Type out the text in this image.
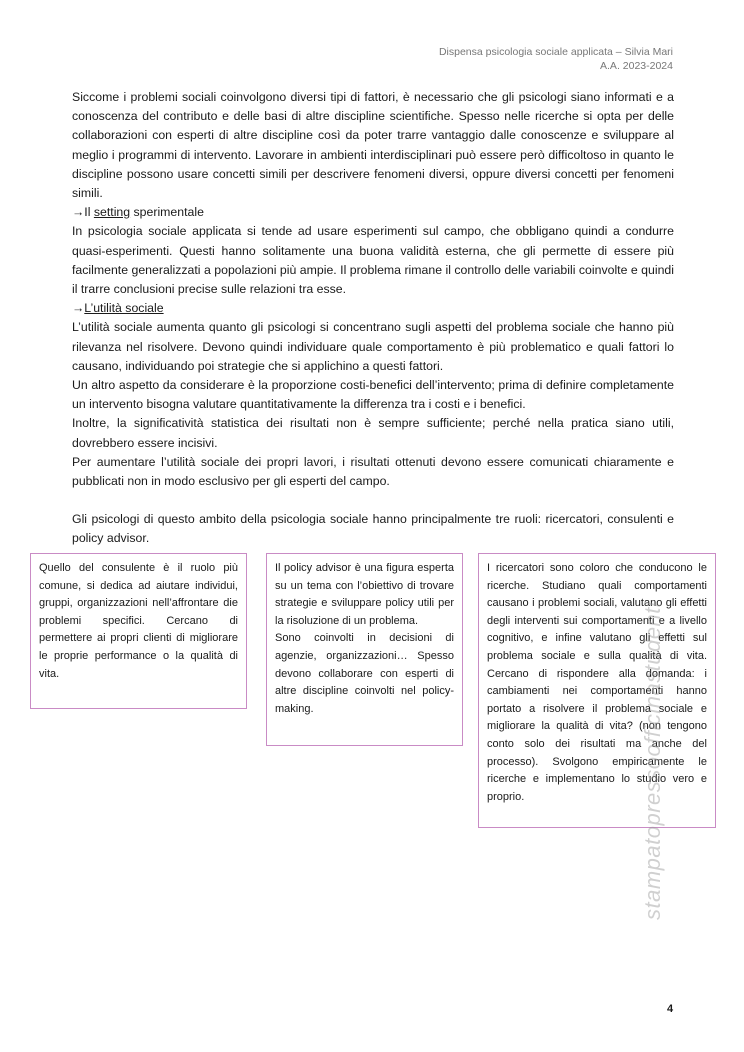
Dispensa psicologia sociale applicata – Silvia Mari
A.A. 2023-2024

Siccome i problemi sociali coinvolgono diversi tipi di fattori, è necessario che gli psicologi siano informati e a conoscenza del contributo e delle basi di altre discipline scientifiche. Spesso nelle ricerche si opta per delle collaborazioni con esperti di altre discipline così da poter trarre vantaggio dalle conoscenze e sviluppare al meglio i programmi di intervento. Lavorare in ambienti interdisciplinari può essere però difficoltoso in quanto le discipline possono usare concetti simili per descrivere fenomeni diversi, oppure diversi concetti per fenomeni simili.

→Il setting sperimentale

In psicologia sociale applicata si tende ad usare esperimenti sul campo, che obbligano quindi a condurre quasi-esperimenti. Questi hanno solitamente una buona validità esterna, che gli permette di essere più facilmente generalizzati a popolazioni più ampie. Il problema rimane il controllo delle variabili coinvolte e quindi il trarre conclusioni precise sulle relazioni tra esse.

→L’utilità sociale

L’utilità sociale aumenta quanto gli psicologi si concentrano sugli aspetti del problema sociale che hanno più rilevanza nel risolvere. Devono quindi individuare quale comportamento è più problematico e quali fattori lo causano, individuando poi strategie che si applichino a questi fattori.

Un altro aspetto da considerare è la proporzione costi-benefici dell’intervento; prima di definire completamente un intervento bisogna valutare quantitativamente la differenza tra i costi e i benefici.

Inoltre, la significatività statistica dei risultati non è sempre sufficiente; perché nella pratica siano utili, dovrebbero essere incisivi.

Per aumentare l’utilità sociale dei propri lavori, i risultati ottenuti devono essere comunicati chiaramente e pubblicati non in modo esclusivo per gli esperti del campo.

Gli psicologi di questo ambito della psicologia sociale hanno principalmente tre ruoli: ricercatori, consulenti e policy advisor.

Quello del consulente è il ruolo più comune, si dedica ad aiutare individui, gruppi, organizzazioni nell’affrontare die problemi specifici. Cercano di permettere ai propri clienti di migliorare le proprie performance o la qualità di vita.
Il policy advisor è una figura esperta su un tema con l’obiettivo di trovare strategie e sviluppare policy utili per la risoluzione di un problema.
Sono coinvolti in decisioni di agenzie, organizzazioni… Spesso devono collaborare con esperti di altre discipline coinvolti nel policy-making.
I ricercatori sono coloro che conducono le ricerche. Studiano quali comportamenti causano i problemi sociali, valutano gli effetti degli interventi sui comportamenti e a livello cognitivo, e infine valutano gli effetti sul problema sociale e sulla qualità di vita. Cercano di rispondere alla domanda: i cambiamenti nei comportamenti hanno portato a risolvere il problema sociale e migliorare la qualità di vita? (non tengono conto solo dei risultati ma anche del processo). Svolgono empiricamente le ricerche e implementano lo studio vero e proprio.	stampatopressoofficinastudenti
4
